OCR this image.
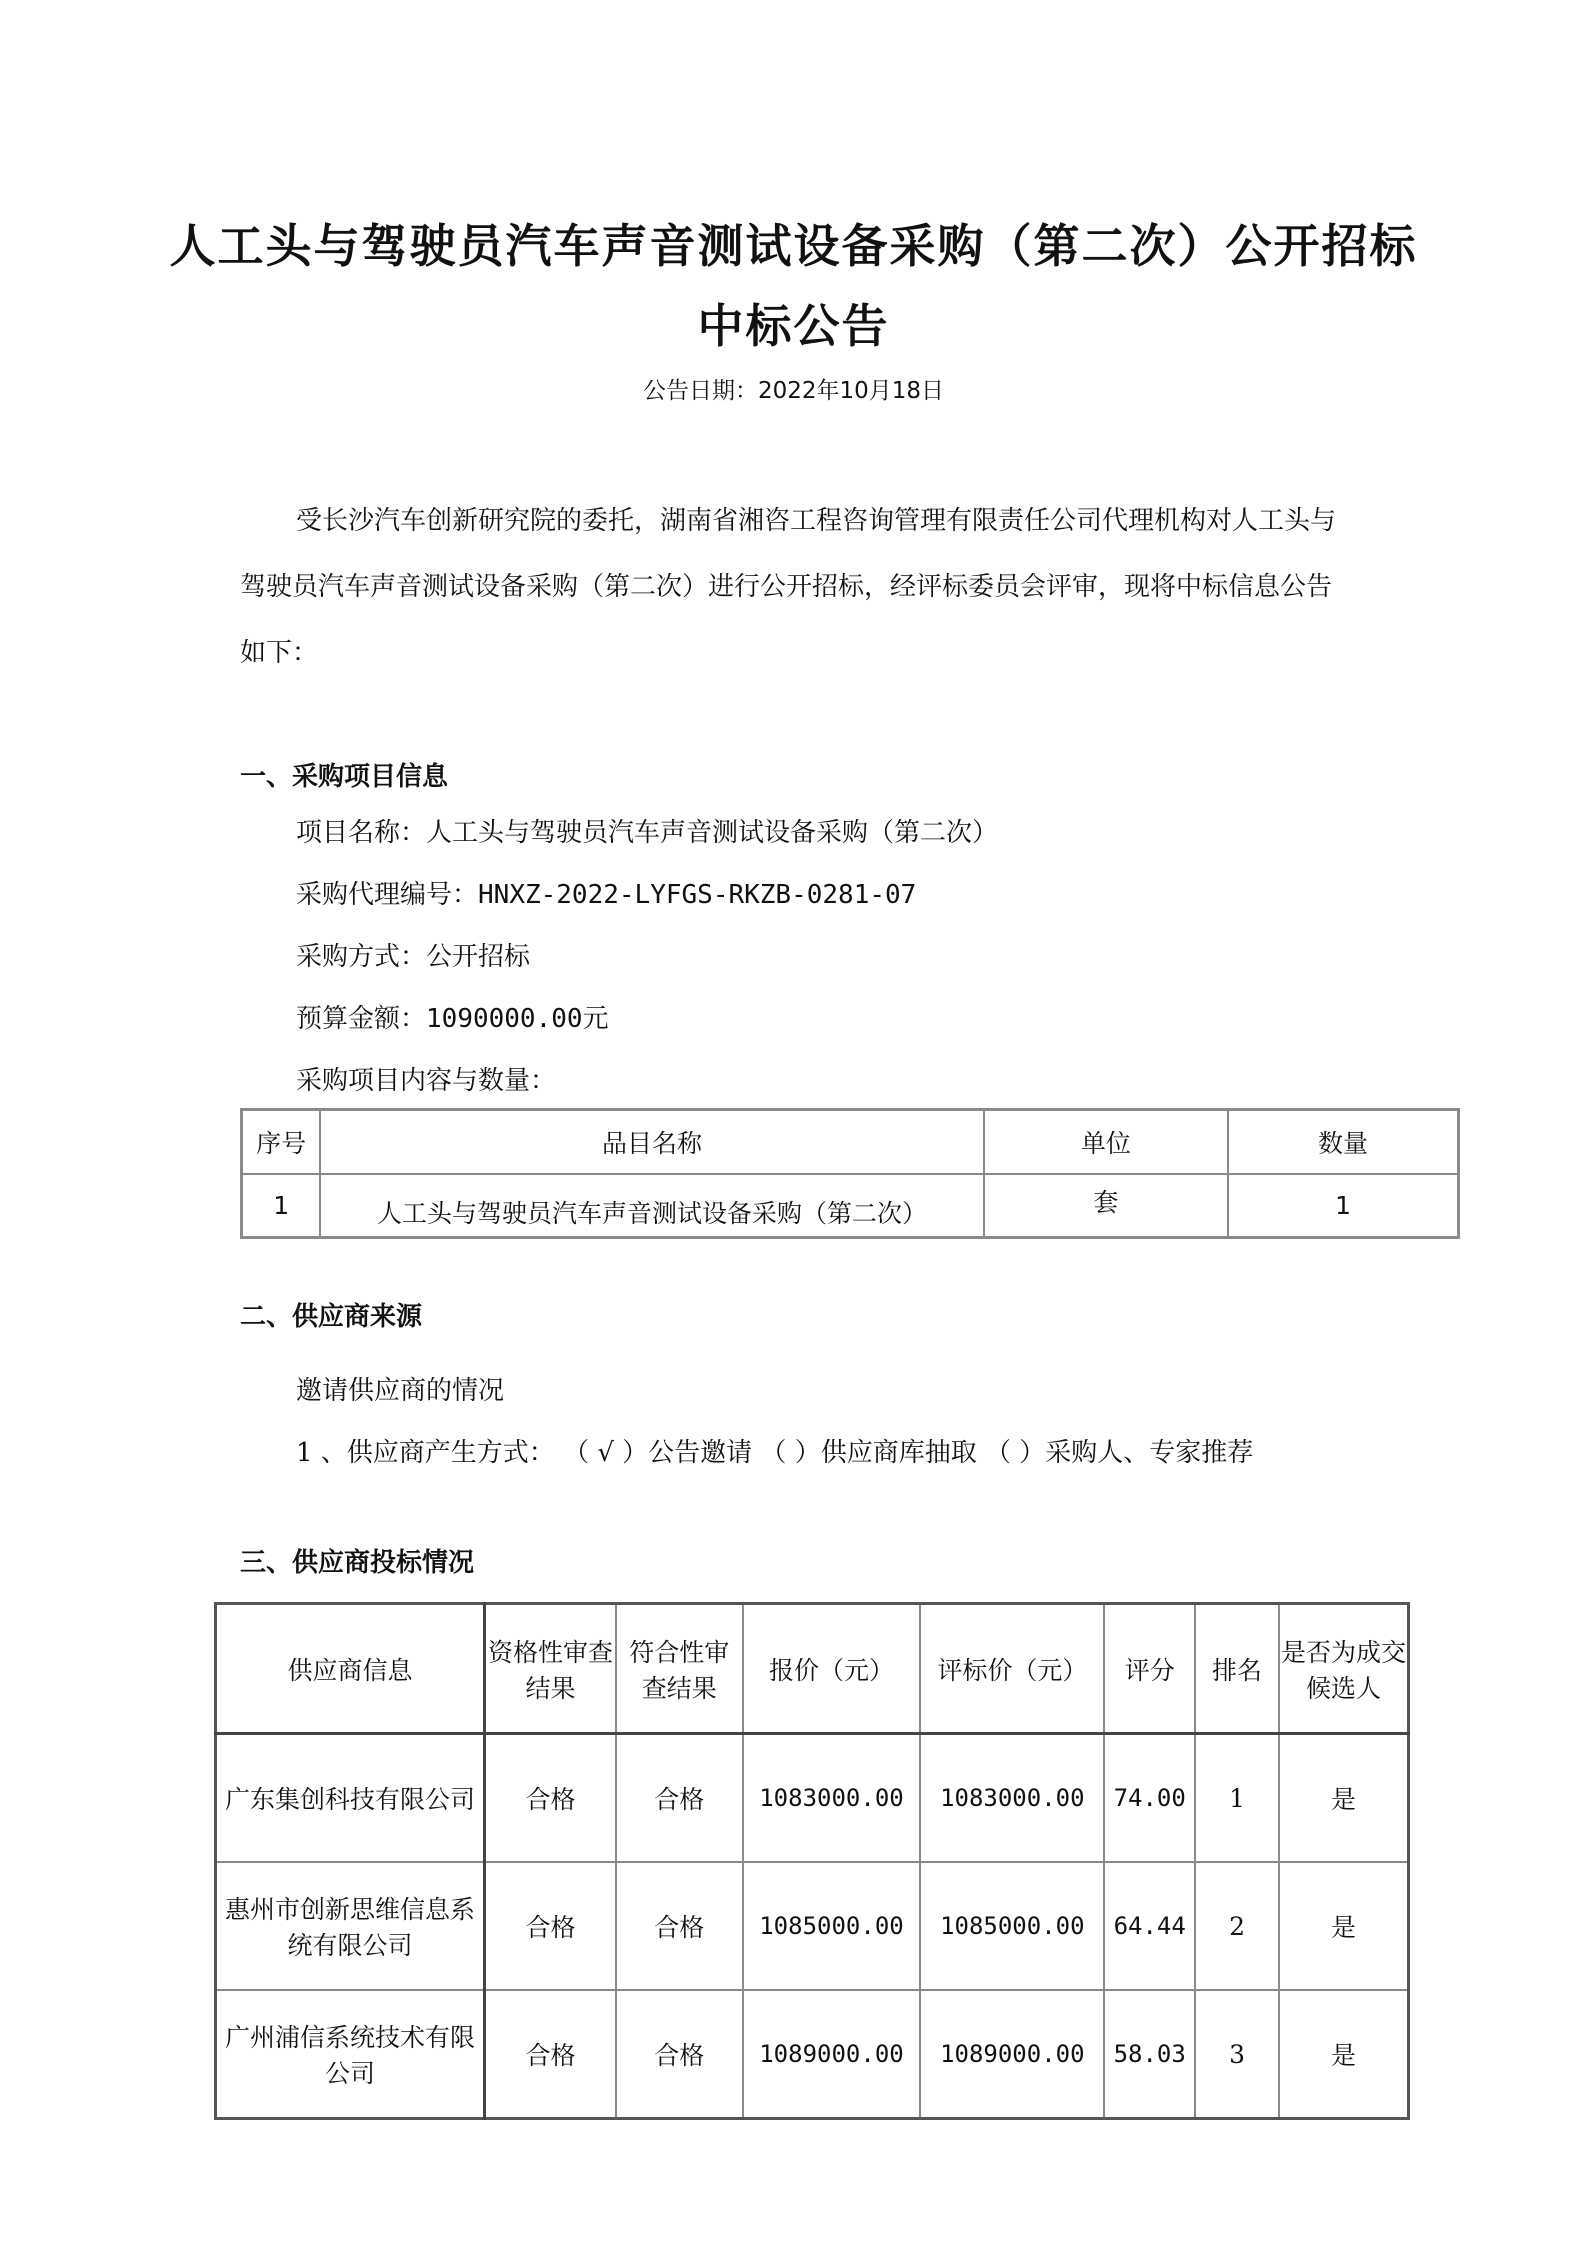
人工头与驾驶员汽车声音测试设备采购（第二次）公开招标
中标公告
公告日期：2022年10月18日

受长沙汽车创新研究院的委托，湖南省湘咨工程咨询管理有限责任公司代理机构对人工头与驾驶员汽车声音测试设备采购（第二次）进行公开招标，经评标委员会评审，现将中标信息公告如下：

一、采购项目信息
项目名称：人工头与驾驶员汽车声音测试设备采购（第二次）
采购代理编号：HNXZ-2022-LYFGS-RKZB-0281-07
采购方式：公开招标
预算金额：1090000.00元
采购项目内容与数量：
序号	品目名称	单位	数量
1	人工头与驾驶员汽车声音测试设备采购（第二次）	套	1
二、供应商来源
邀请供应商的情况
1 、供应商产生方式： （ √ ）公告邀请 （ ）供应商库抽取 （ ）采购人、专家推荐
三、供应商投标情况
供应商信息	资格性审查结果	符合性审查结果	报价（元）	评标价（元）	评分	排名	是否为成交候选人
广东集创科技有限公司	合格	合格	1083000.00	1083000.00	74.00	1	是
惠州市创新思维信息系统有限公司	合格	合格	1085000.00	1085000.00	64.44	2	是
广州浦信系统技术有限公司	合格	合格	1089000.00	1089000.00	58.03	3	是
